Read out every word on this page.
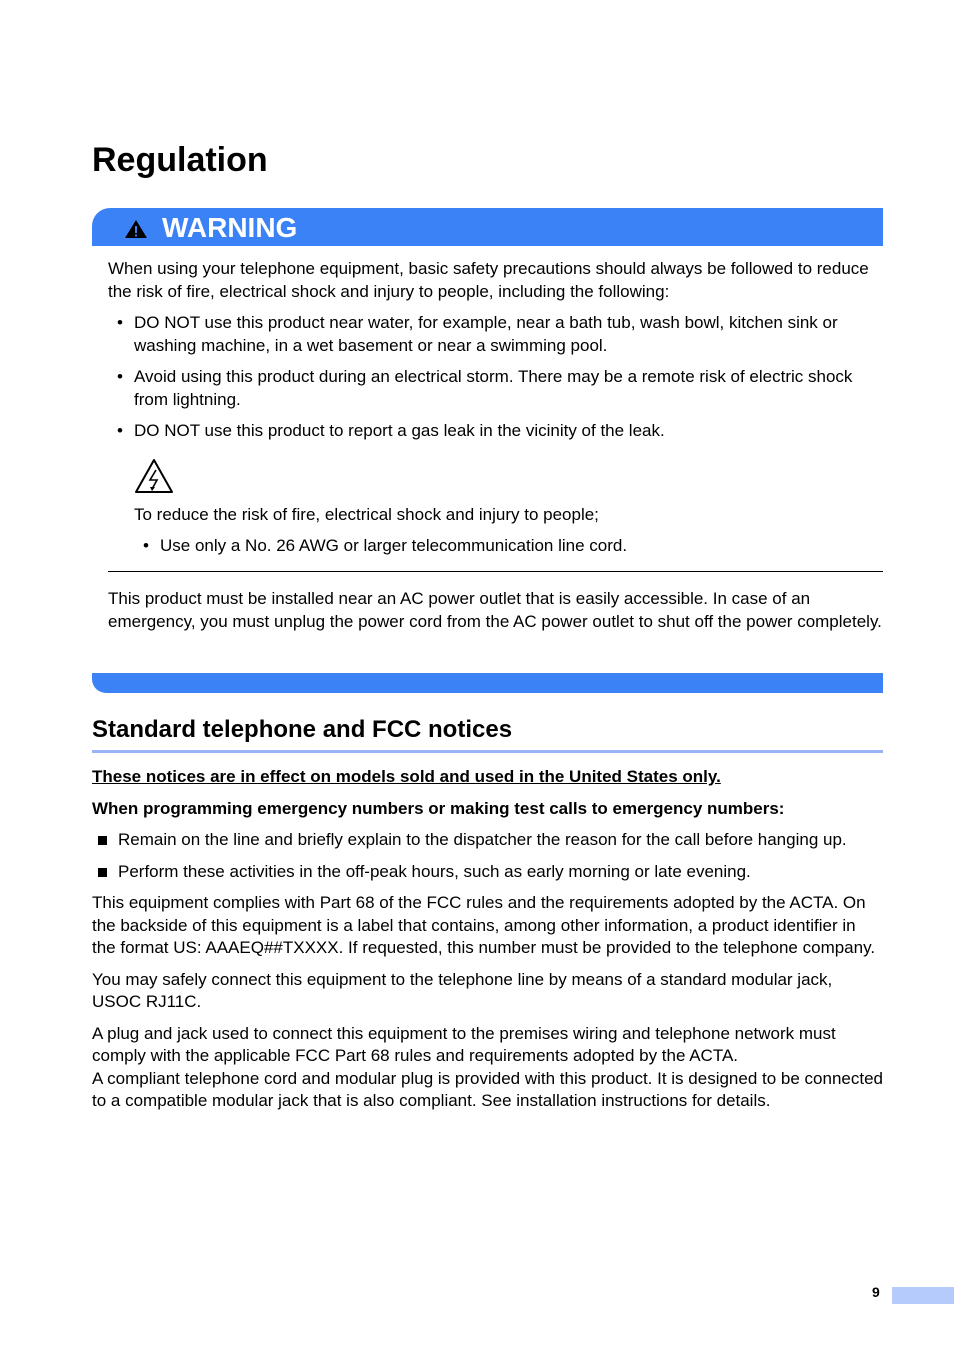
Regulation
WARNING

When using your telephone equipment, basic safety precautions should always be followed to reduce the risk of fire, electrical shock and injury to people, including the following:

• DO NOT use this product near water, for example, near a bath tub, wash bowl, kitchen sink or washing machine, in a wet basement or near a swimming pool.
• Avoid using this product during an electrical storm. There may be a remote risk of electric shock from lightning.
• DO NOT use this product to report a gas leak in the vicinity of the leak.

To reduce the risk of fire, electrical shock and injury to people;

• Use only a No. 26 AWG or larger telecommunication line cord.

This product must be installed near an AC power outlet that is easily accessible. In case of an emergency, you must unplug the power cord from the AC power outlet to shut off the power completely.

Standard telephone and FCC notices

These notices are in effect on models sold and used in the United States only.

When programming emergency numbers or making test calls to emergency numbers:

Remain on the line and briefly explain to the dispatcher the reason for the call before hanging up.
Perform these activities in the off-peak hours, such as early morning or late evening.

This equipment complies with Part 68 of the FCC rules and the requirements adopted by the ACTA. On the backside of this equipment is a label that contains, among other information, a product identifier in the format US: AAAEQ##TXXXX. If requested, this number must be provided to the telephone company.

You may safely connect this equipment to the telephone line by means of a standard modular jack, USOC RJ11C.

A plug and jack used to connect this equipment to the premises wiring and telephone network must comply with the applicable FCC Part 68 rules and requirements adopted by the ACTA.
A compliant telephone cord and modular plug is provided with this product. It is designed to be connected to a compatible modular jack that is also compliant. See installation instructions for details.

9
